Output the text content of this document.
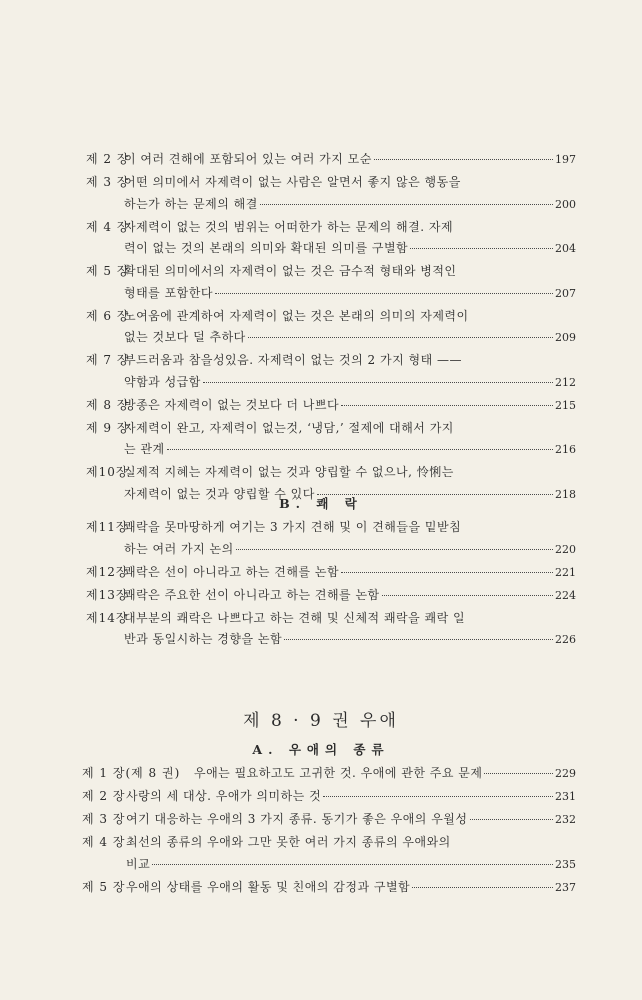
제 2 장
이 여러 견해에 포함되어 있는 여러 가지 모순	197
제 3 장
어떤 의미에서 자제력이 없는 사람은 알면서 좋지 않은 행동을
하는가 하는 문제의 해결	200
제 4 장
자제력이 없는 것의 범위는 어떠한가 하는 문제의 해결. 자제
력이 없는 것의 본래의 의미와 확대된 의미를 구별함	204
제 5 장
확대된 의미에서의 자제력이 없는 것은 금수적 형태와 병적인
형태를 포함한다	207
제 6 장
노여움에 관계하여 자제력이 없는 것은 본래의 의미의 자제력이
없는 것보다 덜 추하다	209
제 7 장
부드러움과 참을성있음. 자제력이 없는 것의 2 가지 형태 ——
약함과 성급함	212
제 8 장
방종은 자제력이 없는 것보다 더 나쁘다	215
제 9 장
자제력이 완고, 자제력이 없는것, ‘냉담,’ 절제에 대해서 가지
는 관계	216
제10장
실제적 지혜는 자제력이 없는 것과 양립할 수 없으나, 怜悧는
자제력이 없는 것과 양립할 수 있다	218
B. 쾌 락
제11장
쾌락을 못마땅하게 여기는 3 가지 견해 및 이 견해들을 밑받침
하는 여러 가지 논의	220
제12장
쾌락은 선이 아니라고 하는 견해를 논함	221
제13장
쾌락은 주요한 선이 아니라고 하는 견해를 논함	224
제14장
대부분의 쾌락은 나쁘다고 하는 견해 및 신체적 쾌락을 쾌락 일
반과 동일시하는 경향을 논함	226
제 8 · 9 권 우애
A. 우애의 종류
제 1 장(제 8 권) 우애는 필요하고도 고귀한 것. 우애에 관한 주요 문제	229
제 2 장 사랑의 세 대상. 우애가 의미하는 것	231
제 3 장 여기 대응하는 우애의 3 가지 종류. 동기가 좋은 우애의 우월성	232
제 4 장 최선의 종류의 우애와 그만 못한 여러 가지 종류의 우애와의
비교	235
제 5 장 우애의 상태를 우애의 활동 및 친애의 감정과 구별함	237
